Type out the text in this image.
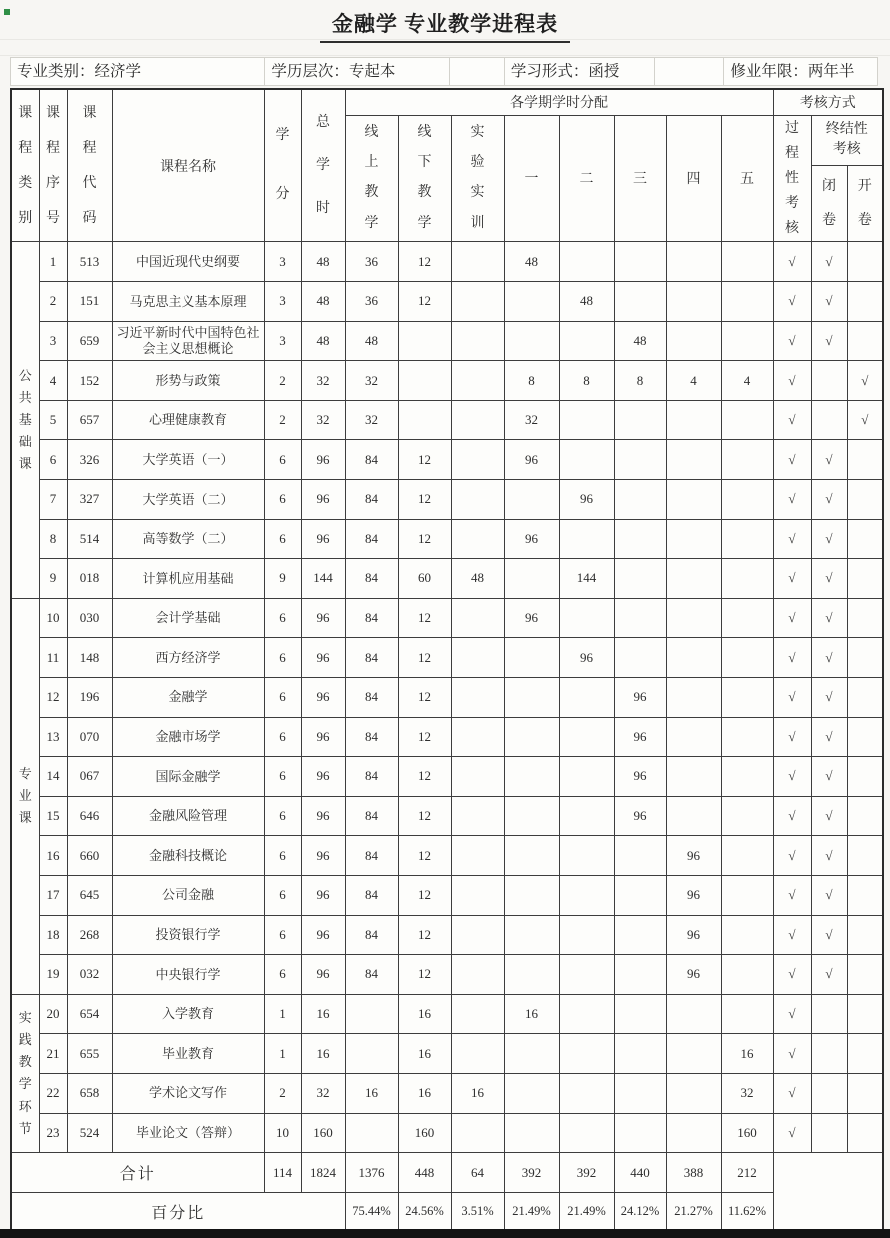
金融学 专业教学进程表
专业类别：经济学	学历层次：专起本	学习形式：函授	修业年限：两年半
课程类别	课程序号	课程代码	课程名称	学分	总学时	各学期学时分配								考核方式		
						线上教学	线下教学	实验实训	一	二	三	四	五	过程性考核	终结性考核	
															闭卷	开卷
公共基础课	1	513	中国近现代史纲要	3	48	36	12		48					√	√	
	2	151	马克思主义基本原理	3	48	36	12			48				√	√	
	3	659	习近平新时代中国特色社会主义思想概论	3	48	48					48			√	√	
	4	152	形势与政策	2	32	32			8	8	8	4	4	√		√
	5	657	心理健康教育	2	32	32			32					√		√
	6	326	大学英语（一）	6	96	84	12		96					√	√	
	7	327	大学英语（二）	6	96	84	12			96				√	√	
	8	514	高等数学（二）	6	96	84	12		96					√	√	
	9	018	计算机应用基础	9	144	84	60	48		144				√	√	
专业课	10	030	会计学基础	6	96	84	12		96					√	√	
	11	148	西方经济学	6	96	84	12			96				√	√	
	12	196	金融学	6	96	84	12				96			√	√	
	13	070	金融市场学	6	96	84	12				96			√	√	
	14	067	国际金融学	6	96	84	12				96			√	√	
	15	646	金融风险管理	6	96	84	12				96			√	√	
	16	660	金融科技概论	6	96	84	12					96		√	√	
	17	645	公司金融	6	96	84	12					96		√	√	
	18	268	投资银行学	6	96	84	12					96		√	√	
	19	032	中央银行学	6	96	84	12					96		√	√	
实践教学环节	20	654	入学教育	1	16		16		16					√		
	21	655	毕业教育	1	16		16						16	√		
	22	658	学术论文写作	2	32	16	16	16					32	√		
	23	524	毕业论文（答辩）	10	160		160						160	√		
合计				114	1824	1376	448	64	392	392	440	388	212			
百分比						75.44%	24.56%	3.51%	21.49%	21.49%	24.12%	21.27%	11.62%			
